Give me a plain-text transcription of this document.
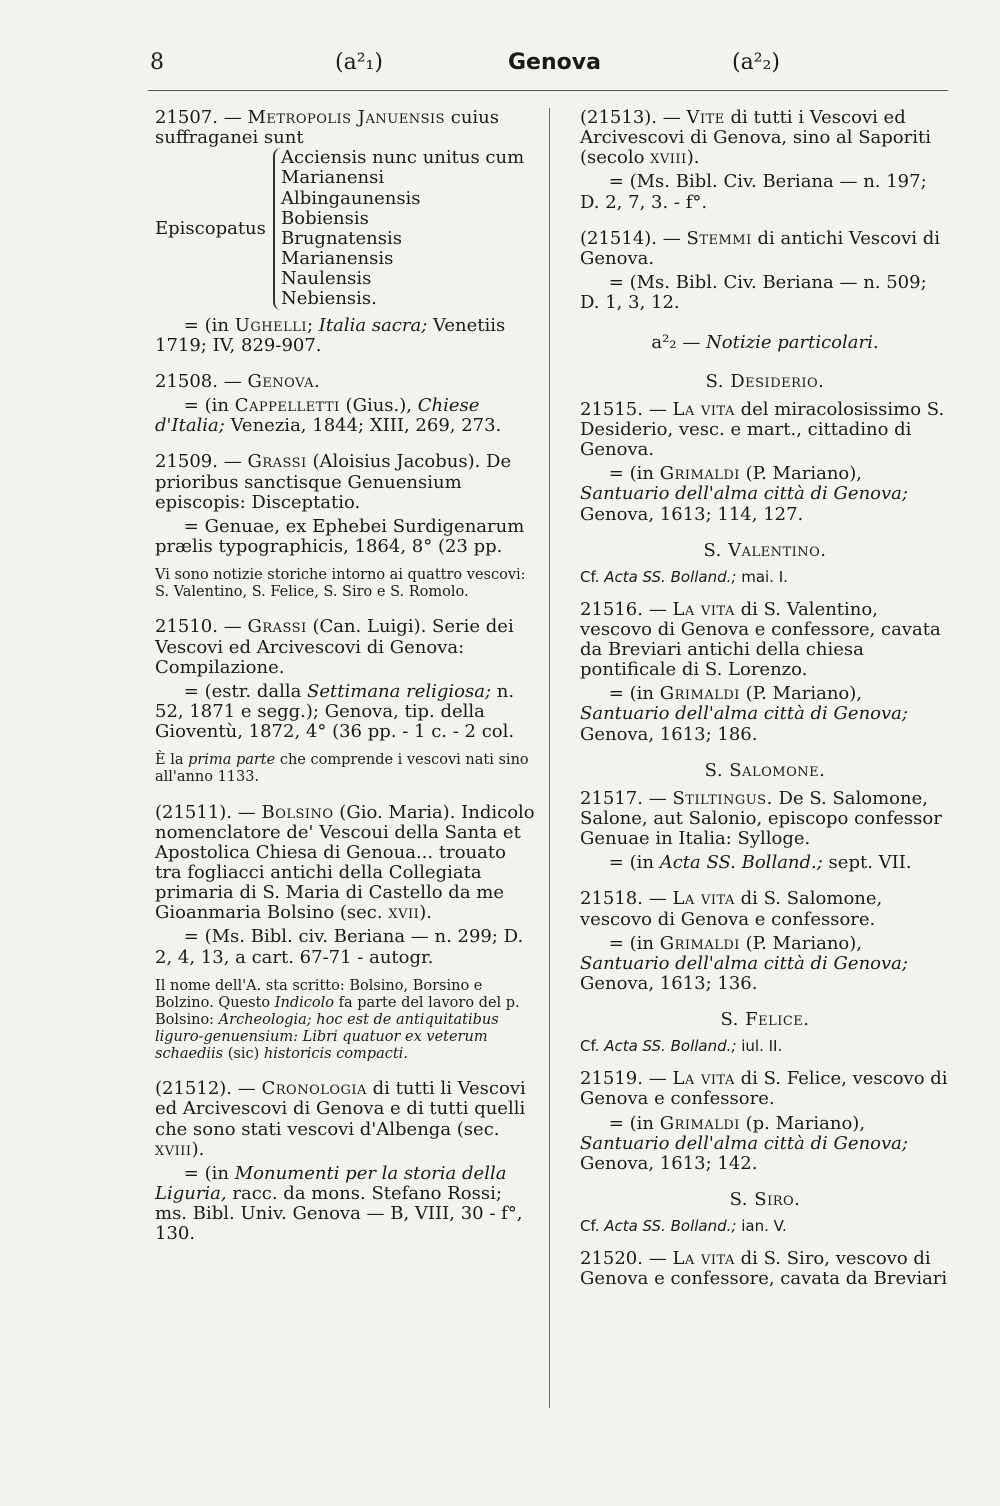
8	(a²₁)	Genova	(a²₂)

21507. — Metropolis Januensis cuius suffraganei sunt

Episcopatus
Acciensis nunc unitus cum
Marianensi
Albingaunensis
Bobiensis
Brugnatensis
Marianensis
Naulensis
Nebiensis.

= (in Ughelli; Italia sacra; Venetiis 1719; IV, 829-907.

21508. — Genova.

= (in Cappelletti (Gius.), Chiese d'Italia; Venezia, 1844; XIII, 269, 273.

21509. — Grassi (Aloisius Jacobus). De prioribus sanctisque Genuensium episcopis: Disceptatio.

= Genuae, ex Ephebei Surdigenarum prælis typographicis, 1864, 8° (23 pp.

Vi sono notizie storiche intorno ai quattro vescovi: S. Valentino, S. Felice, S. Siro e S. Romolo.

21510. — Grassi (Can. Luigi). Serie dei Vescovi ed Arcivescovi di Genova: Compilazione.

= (estr. dalla Settimana religiosa; n. 52, 1871 e segg.); Genova, tip. della Gioventù, 1872, 4° (36 pp. - 1 c. - 2 col.

È la prima parte che comprende i vescovi nati sino all'anno 1133.

(21511). — Bolsino (Gio. Maria). Indicolo nomenclatore de' Vescoui della Santa et Apostolica Chiesa di Genoua... trouato tra fogliacci antichi della Collegiata primaria di S. Maria di Castello da me Gioanmaria Bolsino (sec. xvii).

= (Ms. Bibl. civ. Beriana — n. 299; D. 2, 4, 13, a cart. 67-71 - autogr.

Il nome dell'A. sta scritto: Bolsino, Borsino e Bolzino. Questo Indicolo fa parte del lavoro del p. Bolsino: Archeologia; hoc est de antiquitatibus liguro-genuensium: Libri quatuor ex veterum schaediis (sic) historicis compacti.

(21512). — Cronologia di tutti li Vescovi ed Arcivescovi di Genova e di tutti quelli che sono stati vescovi d'Albenga (sec. xviii).

= (in Monumenti per la storia della Liguria, racc. da mons. Stefano Rossi; ms. Bibl. Univ. Genova — B, VIII, 30 - f°, 130.

(21513). — Vite di tutti i Vescovi ed Arcivescovi di Genova, sino al Saporiti (secolo xviii).

= (Ms. Bibl. Civ. Beriana — n. 197; D. 2, 7, 3. - f°.

(21514). — Stemmi di antichi Vescovi di Genova.

= (Ms. Bibl. Civ. Beriana — n. 509; D. 1, 3, 12.

a²₂ — Notizie particolari.

S. Desiderio.

21515. — La vita del miracolosissimo S. Desiderio, vesc. e mart., cittadino di Genova.

= (in Grimaldi (P. Mariano), Santuario dell'alma città di Genova; Genova, 1613; 114, 127.

S. Valentino.

Cf. Acta SS. Bolland.; mai. I.

21516. — La vita di S. Valentino, vescovo di Genova e confessore, cavata da Breviari antichi della chiesa pontificale di S. Lorenzo.

= (in Grimaldi (P. Mariano), Santuario dell'alma città di Genova; Genova, 1613; 186.

S. Salomone.

21517. — Stiltingus. De S. Salomone, Salone, aut Salonio, episcopo confessor Genuae in Italia: Sylloge.

= (in Acta SS. Bolland.; sept. VII.

21518. — La vita di S. Salomone, vescovo di Genova e confessore.

= (in Grimaldi (P. Mariano), Santuario dell'alma città di Genova; Genova, 1613; 136.

S. Felice.

Cf. Acta SS. Bolland.; iul. II.

21519. — La vita di S. Felice, vescovo di Genova e confessore.

= (in Grimaldi (p. Mariano), Santuario dell'alma città di Genova; Genova, 1613; 142.

S. Siro.

Cf. Acta SS. Bolland.; ian. V.

21520. — La vita di S. Siro, vescovo di Genova e confessore, cavata da Breviari
